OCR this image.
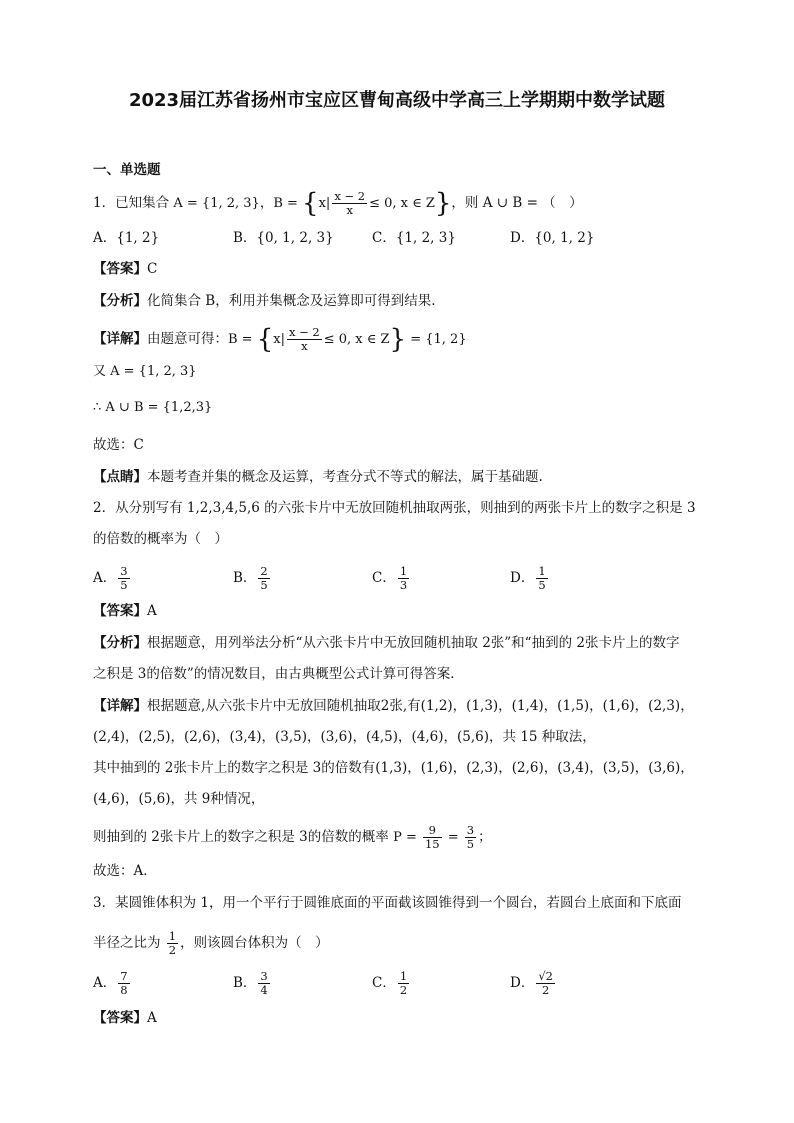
2023届江苏省扬州市宝应区曹甸高级中学高三上学期期中数学试题
一、单选题
1．已知集合 A = {1, 2, 3}，$B = \{x| \frac{x - 2}{x} \le 0$, x ∈ Z}，则 A ∪ B = （　）
A．{1, 2}	B．{0, 1, 2, 3}	C．{1, 2, 3}	D．{0, 1, 2}
【答案】C
【分析】化简集合 B，利用并集概念及运算即可得到结果.
【详解】由题意可得：$B = \{x| \frac{x - 2}{x} \le 0$, x ∈ Z} = {1, 2}
又 A = {1, 2, 3}
∴ A ∪ B = {1,2,3}
故选：C
【点睛】本题考查并集的概念及运算，考查分式不等式的解法，属于基础题.
2．从分别写有 1,2,3,4,5,6 的六张卡片中无放回随机抽取两张，则抽到的两张卡片上的数字之积是 3
的倍数的概率为（　）
A． $\frac{3}{5}$	B． $\frac{2}{5}$	C． $\frac{1}{3}$	D． $\frac{1}{5}$
【答案】A
【分析】根据题意，用列举法分析“从六张卡片中无放回随机抽取 2张”和“抽到的 2张卡片上的数字
之积是 3的倍数”的情况数目，由古典概型公式计算可得答案．
【详解】根据题意,从六张卡片中无放回随机抽取2张,有(1,2)，(1,3)，(1,4)，(1,5)，(1,6)，(2,3)，
(2,4)，(2,5)，(2,6)，(3,4)，(3,5)，(3,6)，(4,5)，(4,6)，(5,6)，共 15 种取法，
其中抽到的 2张卡片上的数字之积是 3的倍数有(1,3)，(1,6)，(2,3)，(2,6)，(3,4)，(3,5)，(3,6)，
(4,6)，(5,6)，共 9种情况，
则抽到的 2张卡片上的数字之积是 3的倍数的概率 $P = \frac{9}{15} = \frac{3}{5}$ ；
故选：A．
3．某圆锥体积为 1，用一个平行于圆锥底面的平面截该圆锥得到一个圆台，若圆台上底面和下底面
半径之比为 $\frac{1}{2}$ ，则该圆台体积为（　）
A． $\frac{7}{8}$	B． $\frac{3}{4}$	C． $\frac{1}{2}$	D． $\frac{√2}{2}$
【答案】A
